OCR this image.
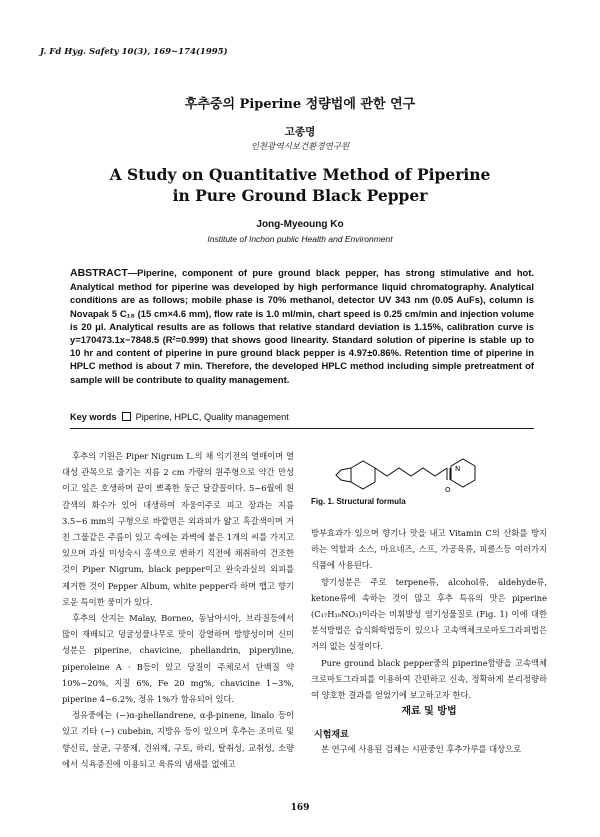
J. Fd Hyg. Safety 10(3), 169~174(1995)
후추중의 Piperine 정량법에 관한 연구
고종명
인천광역시보건환경연구원
A Study on Quantitative Method of Piperine
in Pure Ground Black Pepper
Jong-Myeoung Ko
Institute of Inchon public Health and Environment
ABSTRACT—Piperine, component of pure ground black pepper, has strong stimulative and hot. Analytical method for piperine was developed by high performance liquid chromatography. Analytical conditions are as follows; mobile phase is 70% methanol, detector UV 343 nm (0.05 AuFs), column is Novapak 5 C₁₈ (15 cm×4.6 mm), flow rate is 1.0 ml/min, chart speed is 0.25 cm/min and injection volume is 20 μl. Analytical results are as follows that relative standard deviation is 1.15%, calibration curve is y=170473.1x−7848.5 (R²=0.999) that shows good linearity. Standard solution of piperine is stable up to 10 hr and content of piperine in pure ground black pepper is 4.97±0.86%. Retention time of piperine in HPLC method is about 7 min. Therefore, the developed HPLC method including simple pretreatment of sample will be contribute to quality management.
Key words Piperine, HPLC, Quality management

후추의 기원은 Piper Nigrum L.의 채 익기전의 열매이며 열대성 관목으로 줄기는 지름 2 cm 가량의 원주형으로 약간 만성이고 잎은 호생하며 끝이 뾰족한 둥근 달걀꼴이다. 5~6월에 흰갈색의 화수가 있어 대생하여 자웅이주로 피고 장과는 지름 3.5~6 mm의 구형으로 바깥면은 외과피가 얇고 흑갈색이며 거친 그물같은 주름이 있고 속에는 과벽에 붙은 1개의 씨를 가지고 있으며 과실 미성숙시 홍색으로 변하기 직전에 채취하여 건조한 것이 Piper Nigrum, black pepper이고 완숙과실의 외피를 제거한 것이 Pepper Album, white pepper라 하며 맵고 향기로운 특이한 풍미가 있다.

후추의 산지는 Malay, Borneo, 동남아시아, 브라질등에서 많이 재배되고 덩굴성풀나무로 맛이 강열하며 방향성이며 신미성분은 piperine, chavicine, phellandrin, piperyline, piperoleine A · B등이 있고 당질이 주체로서 단백질 약 10%~20%, 지질 6%, Fe 20 mg%, chavicine 1~3%, piperine 4~6.2%, 정유 1%가 함유되어 있다.

정유중에는 (−)α-phellandrene, α-β-pinene, linalo 등이 있고 기타 (−) cubebin, 지방유 등이 있으며 후추는 조미료 및 향신료, 살균, 구풍제, 건위제, 구토, 하리, 탈취성, 교취성, 소량에서 식욕증진에 이용되고 육류의 냄새를 없애고

O
N
Fig. 1. Structural formula

방부효과가 있으며 향기나 맛을 내고 Vitamin C의 산화를 방지하는 역할과 소스, 마요네즈, 스프, 가공육류, 피클스등 여러가지 식품에 사용된다.

향기성분은 주로 terpene류, alcohol류, aldehyde류, ketone류에 속하는 것이 많고 후추 특유의 맛은 piperine (C₁₇H₁₉NO₃)이라는 비휘발성 염기성물질로 (Fig. 1) 이에 대한 분석방법은 습식화학법등이 있으나 고속액체크로마토그라피법은 거의 없는 실정이다.

Pure ground black pepper중의 piperine함량을 고속액체크로마토그라피를 이용하여 간편하고 신속, 정확하게 분리정량하여 양호한 결과를 얻었기에 보고하고자 한다.

재료 및 방법
시험재료

본 연구에 사용된 검체는 시판중인 후추가루를 대상으로

169
